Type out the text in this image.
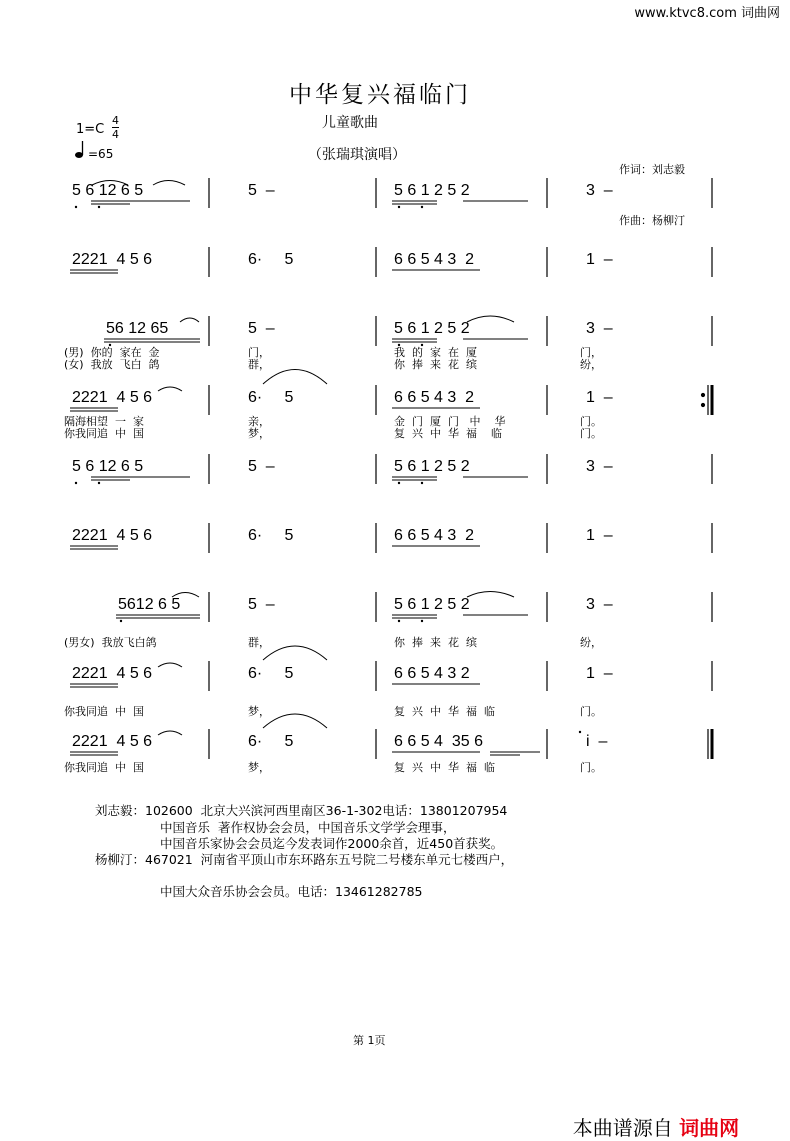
www.ktvc8.com 词曲网
中华复兴福临门
儿童歌曲
（张瑞琪演唱）
1=C
4
4
=65

作词：刘志毅

作曲：杨柳汀

5 6 12 6 5	5  –	5 6 1 2 5 2	3  –
2221  4 5 6	6·     5	6 6 5 4 3  2	1  –
56 12 65	5  –	5 6 1 2 5 2	3  –
(男)  你的  家在  金	门，	我  的  家  在  厦	门，
(女)  我放  飞白  鸽	群，	你  捧  来  花  缤	纷，
2221  4 5 6	6·     5	6 6 5 4 3  2	1  –
隔海相望  一  家	亲，	金  门  厦  门   中    华	门。
你我同追  中  国	梦，	复  兴  中  华  福    临	门。
5 6 12 6 5	5  –	5 6 1 2 5 2	3  –
2221  4 5 6	6·     5	6 6 5 4 3  2	1  –
5612 6 5	5  –	5 6 1 2 5 2	3  –
(男女)  我放飞白鸽	群，	你  捧  来  花  缤	纷，
2221  4 5 6	6·     5	6 6 5 4 3 2	1  –
你我同追  中  国	梦，	复  兴  中  华  福  临	门。
2221  4 5 6	6·     5	6 6 5 4  35 6	i  –
你我同追  中  国	梦，	复  兴  中  华  福  临	门。
刘志毅：102600  北京大兴滨河西里南区36-1-302电话：13801207954
中国音乐  著作权协会会员，中国音乐文学学会理事，
中国音乐家协会会员迄今发表词作2000余首，近450首获奖。
杨柳汀：467021  河南省平顶山市东环路东五号院二号楼东单元七楼西户，
中国大众音乐协会会员。电话：13461282785
第 1页

本曲谱源自 词曲网
